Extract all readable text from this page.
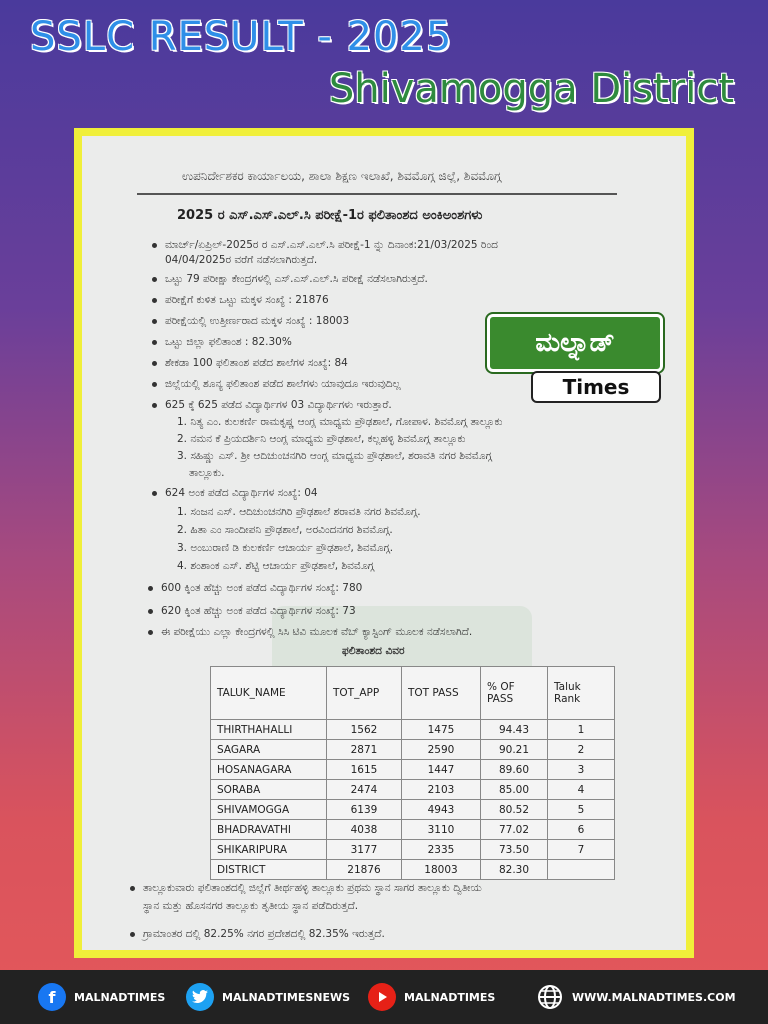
SSLC RESULT - 2025
Shivamogga District
ಉಪನಿರ್ದೇಶಕರ ಕಾರ್ಯಾಲಯ, ಶಾಲಾ ಶಿಕ್ಷಣ ಇಲಾಖೆ, ಶಿವಮೊಗ್ಗ ಜಿಲ್ಲೆ, ಶಿವಮೊಗ್ಗ
2025 ರ ಎಸ್.ಎಸ್.ಎಲ್.ಸಿ ಪರೀಕ್ಷೆ-1ರ ಫಲಿತಾಂಶದ ಅಂಕಿಅಂಶಗಳು
ಮಾರ್ಚ್/ಏಪ್ರಿಲ್-2025ರ ರ ಎಸ್.ಎಸ್.ಎಲ್.ಸಿ ಪರೀಕ್ಷೆ-1 ನ್ನು ದಿನಾಂಕ:21/03/2025 ರಿಂದ
04/04/2025ರ ವರೆಗೆ ನಡೆಸಲಾಗಿರುತ್ತದೆ.
ಒಟ್ಟು 79 ಪರೀಕ್ಷಾ ಕೇಂದ್ರಗಳಲ್ಲಿ ಎಸ್.ಎಸ್.ಎಲ್.ಸಿ ಪರೀಕ್ಷೆ ನಡೆಸಲಾಗಿರುತ್ತದೆ.
ಪರೀಕ್ಷೆಗೆ ಕುಳಿತ ಒಟ್ಟು ಮಕ್ಕಳ ಸಂಖ್ಯೆ : 21876
ಪರೀಕ್ಷೆಯಲ್ಲಿ ಉತ್ತೀರ್ಣರಾದ ಮಕ್ಕಳ ಸಂಖ್ಯೆ : 18003
ಒಟ್ಟು ಜಿಲ್ಲಾ ಫಲಿತಾಂಶ : 82.30%
ಶೇಕಡಾ 100 ಫಲಿತಾಂಶ ಪಡೆದ ಶಾಲೆಗಳ ಸಂಖ್ಯೆ: 84
ಜಿಲ್ಲೆಯಲ್ಲಿ ಶೂನ್ಯ ಫಲಿತಾಂಶ ಪಡೆದ ಶಾಲೆಗಳು ಯಾವುದೂ ಇರುವುದಿಲ್ಲ
625 ಕ್ಕೆ 625 ಪಡೆದ ವಿದ್ಯಾರ್ಥಿಗಳ 03 ವಿದ್ಯಾರ್ಥಿಗಳು ಇರುತ್ತಾರೆ.
1. ನಿತ್ಯ ಎಂ. ಕುಲಕರ್ಣಿ ರಾಮಕೃಷ್ಣ ಆಂಗ್ಲ ಮಾಧ್ಯಮ ಪ್ರೌಢಶಾಲೆ, ಗೋಪಾಳ. ಶಿವಮೊಗ್ಗ ತಾಲ್ಲೂಕು
2. ನಮನ ಕೆ ಪ್ರಿಯದರ್ಶಿನಿ ಆಂಗ್ಲ ಮಾಧ್ಯಮ ಪ್ರೌಢಶಾಲೆ, ಕಲ್ಲಹಳ್ಳಿ ಶಿವಮೊಗ್ಗ ತಾಲ್ಲೂಕು
3. ಸಹಿಷ್ಣು ಎಸ್. ಶ್ರೀ ಆದಿಚುಂಚನಗಿರಿ ಆಂಗ್ಲ ಮಾಧ್ಯಮ ಪ್ರೌಢಶಾಲೆ, ಶರಾವತಿ ನಗರ ಶಿವಮೊಗ್ಗ
ತಾಲ್ಲೂಕು.
624 ಅಂಕ ಪಡೆದ ವಿದ್ಯಾರ್ಥಿಗಳ ಸಂಖ್ಯೆ: 04
1. ಸಂಜನ ಎಸ್. ಆದಿಚುಂಚನಗಿರಿ ಪ್ರೌಢಶಾಲೆ ಶರಾವತಿ ನಗರ ಶಿವಮೊಗ್ಗ.
2. ಹಿತಾ ಎಂ ಸಾಂದೀಪನಿ ಪ್ರೌಢಶಾಲೆ, ಅರವಿಂದನಗರ ಶಿವಮೊಗ್ಗ.
3. ಅಂಬುರಾಣಿ ಡಿ ಕುಲಕರ್ಣಿ ಆಚಾರ್ಯ ಪ್ರೌಢಶಾಲೆ, ಶಿವಮೊಗ್ಗ.
4. ಶಂಶಾಂಕ ಎಸ್. ಶೆಟ್ಟಿ ಆಚಾರ್ಯ ಪ್ರೌಢಶಾಲೆ, ಶಿವಮೊಗ್ಗ
600 ಕ್ಕಿಂತ ಹೆಚ್ಚು ಅಂಕ ಪಡೆದ ವಿದ್ಯಾರ್ಥಿಗಳ ಸಂಖ್ಯೆ: 780
620 ಕ್ಕಿಂತ ಹೆಚ್ಚು ಅಂಕ ಪಡೆದ ವಿದ್ಯಾರ್ಥಿಗಳ ಸಂಖ್ಯೆ: 73
ಈ ಪರೀಕ್ಷೆಯು ಎಲ್ಲಾ ಕೇಂದ್ರಗಳಲ್ಲಿ ಸಿಸಿ ಟಿವಿ ಮೂಲಕ ವೆಬ್ ಕ್ಯಾಸ್ಟಿಂಗ್ ಮೂಲಕ ನಡೆಸಲಾಗಿದೆ.
ಫಲಿತಾಂಶದ ವಿವರ
TALUK_NAME	TOT_APP	TOT PASS	% OF PASS	Taluk Rank
THIRTHAHALLI	1562	1475	94.43	1
SAGARA	2871	2590	90.21	2
HOSANAGARA	1615	1447	89.60	3
SORABA	2474	2103	85.00	4
SHIVAMOGGA	6139	4943	80.52	5
BHADRAVATHI	4038	3110	77.02	6
SHIKARIPURA	3177	2335	73.50	7
DISTRICT	21876	18003	82.30	
ತಾಲ್ಲೂಕುವಾರು ಫಲಿತಾಂಶದಲ್ಲಿ ಜಿಲ್ಲೆಗೆ ತೀರ್ಥಹಳ್ಳಿ ತಾಲ್ಲೂಕು ಪ್ರಥಮ ಸ್ಥಾನ ಸಾಗರ ತಾಲ್ಲೂಕು ದ್ವಿತೀಯ
ಸ್ಥಾನ ಮತ್ತು ಹೊಸನಗರ ತಾಲ್ಲೂಕು ತೃತೀಯ ಸ್ಥಾನ ಪಡೆದಿರುತ್ತದೆ.
ಗ್ರಾಮಾಂತರ ದಲ್ಲಿ 82.25% ನಗರ ಪ್ರದೇಶದಲ್ಲಿ 82.35% ಇರುತ್ತದೆ.
ಮಲ್ನಾಡ್
Times
f	MALNADTIMES	MALNADTIMESNEWS	MALNADTIMES	WWW.MALNADTIMES.COM
